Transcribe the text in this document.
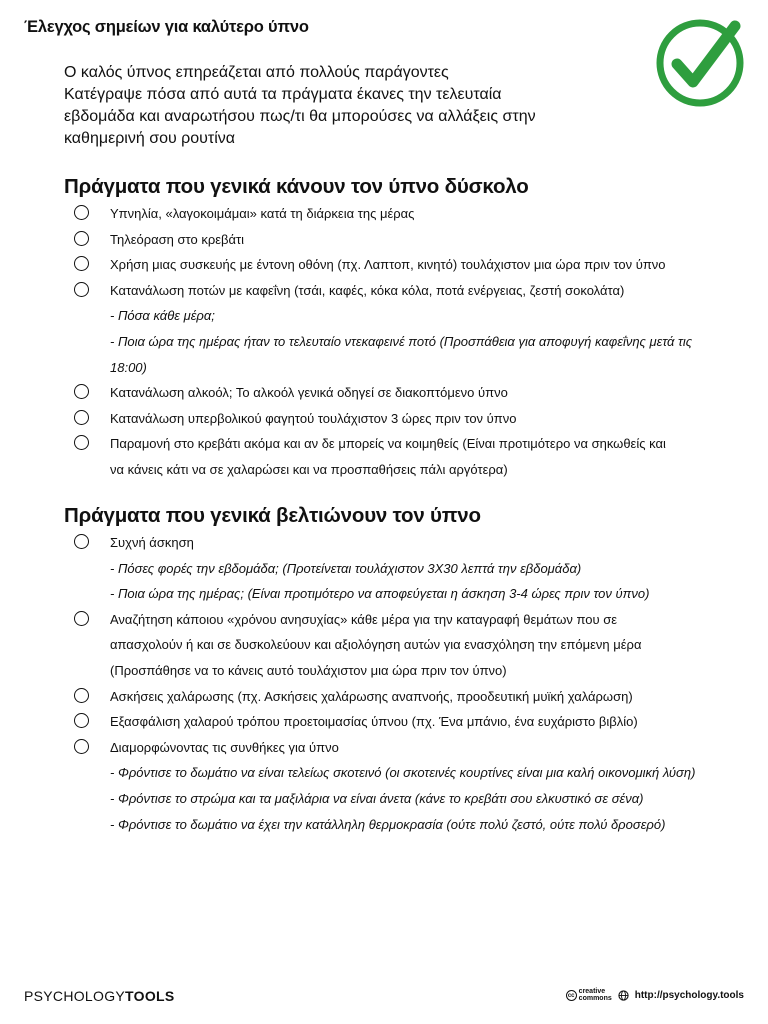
Έλεγχος σημείων για καλύτερο ύπνο
Ο καλός ύπνος επηρεάζεται από πολλούς παράγοντες
Κατέγραψε πόσα από αυτά τα πράγματα έκανες την τελευταία
εβδομάδα και αναρωτήσου πως/τι θα μπορούσες να αλλάξεις στην
καθημερινή σου ρουτίνα
Πράγματα που γενικά κάνουν τον ύπνο δύσκολο
Υπνηλία, «λαγοκοιμάμαι» κατά τη διάρκεια της μέρας
Τηλεόραση στο κρεβάτι
Χρήση μιας συσκευής με έντονη οθόνη (πχ. Λαπτοπ, κινητό) τουλάχιστον μια ώρα πριν τον ύπνο
Κατανάλωση ποτών με καφεΐνη (τσάι, καφές, κόκα κόλα, ποτά ενέργειας, ζεστή σοκολάτα)
- Πόσα κάθε μέρα;
- Ποια ώρα της ημέρας ήταν το τελευταίο ντεκαφεινέ ποτό (Προσπάθεια για αποφυγή καφεΐνης μετά τις
18:00)
Κατανάλωση αλκοόλ; Το αλκοόλ γενικά οδηγεί σε διακοπτόμενο ύπνο
Κατανάλωση υπερβολικού φαγητού τουλάχιστον 3 ώρες πριν τον ύπνο
Παραμονή στο κρεβάτι ακόμα και αν δε μπορείς να κοιμηθείς (Είναι προτιμότερο να σηκωθείς και
να κάνεις κάτι να σε χαλαρώσει και να προσπαθήσεις πάλι αργότερα)
Πράγματα που γενικά βελτιώνουν τον ύπνο
Συχνή άσκηση
- Πόσες φορές την εβδομάδα; (Προτείνεται τουλάχιστον 3Χ30 λεπτά την εβδομάδα)
- Ποια ώρα της ημέρας; (Είναι προτιμότερο να αποφεύγεται η άσκηση 3-4 ώρες πριν τον ύπνο)
Αναζήτηση κάποιου «χρόνου ανησυχίας» κάθε μέρα για την καταγραφή θεμάτων που σε
απασχολούν ή και σε δυσκολεύουν και αξιολόγηση αυτών για ενασχόληση την επόμενη μέρα
(Προσπάθησε να το κάνεις αυτό τουλάχιστον μια ώρα πριν τον ύπνο)
Ασκήσεις χαλάρωσης (πχ. Ασκήσεις χαλάρωσης αναπνοής, προοδευτική μυϊκή χαλάρωση)
Εξασφάλιση χαλαρού τρόπου προετοιμασίας ύπνου (πχ. Ένα μπάνιο, ένα ευχάριστο βιβλίο)
Διαμορφώνοντας τις συνθήκες για ύπνο
- Φρόντισε το δωμάτιο να είναι τελείως σκοτεινό (οι σκοτεινές κουρτίνες είναι μια καλή οικονομική λύση)
- Φρόντισε το στρώμα και τα μαξιλάρια να είναι άνετα (κάνε το κρεβάτι σου ελκυστικό σε σένα)
- Φρόντισε το δωμάτιο να έχει την κατάλληλη θερμοκρασία (ούτε πολύ ζεστό, ούτε πολύ δροσερό)
PSYCHOLOGYTOOLS	cc
creative
commons http://psychology.tools
